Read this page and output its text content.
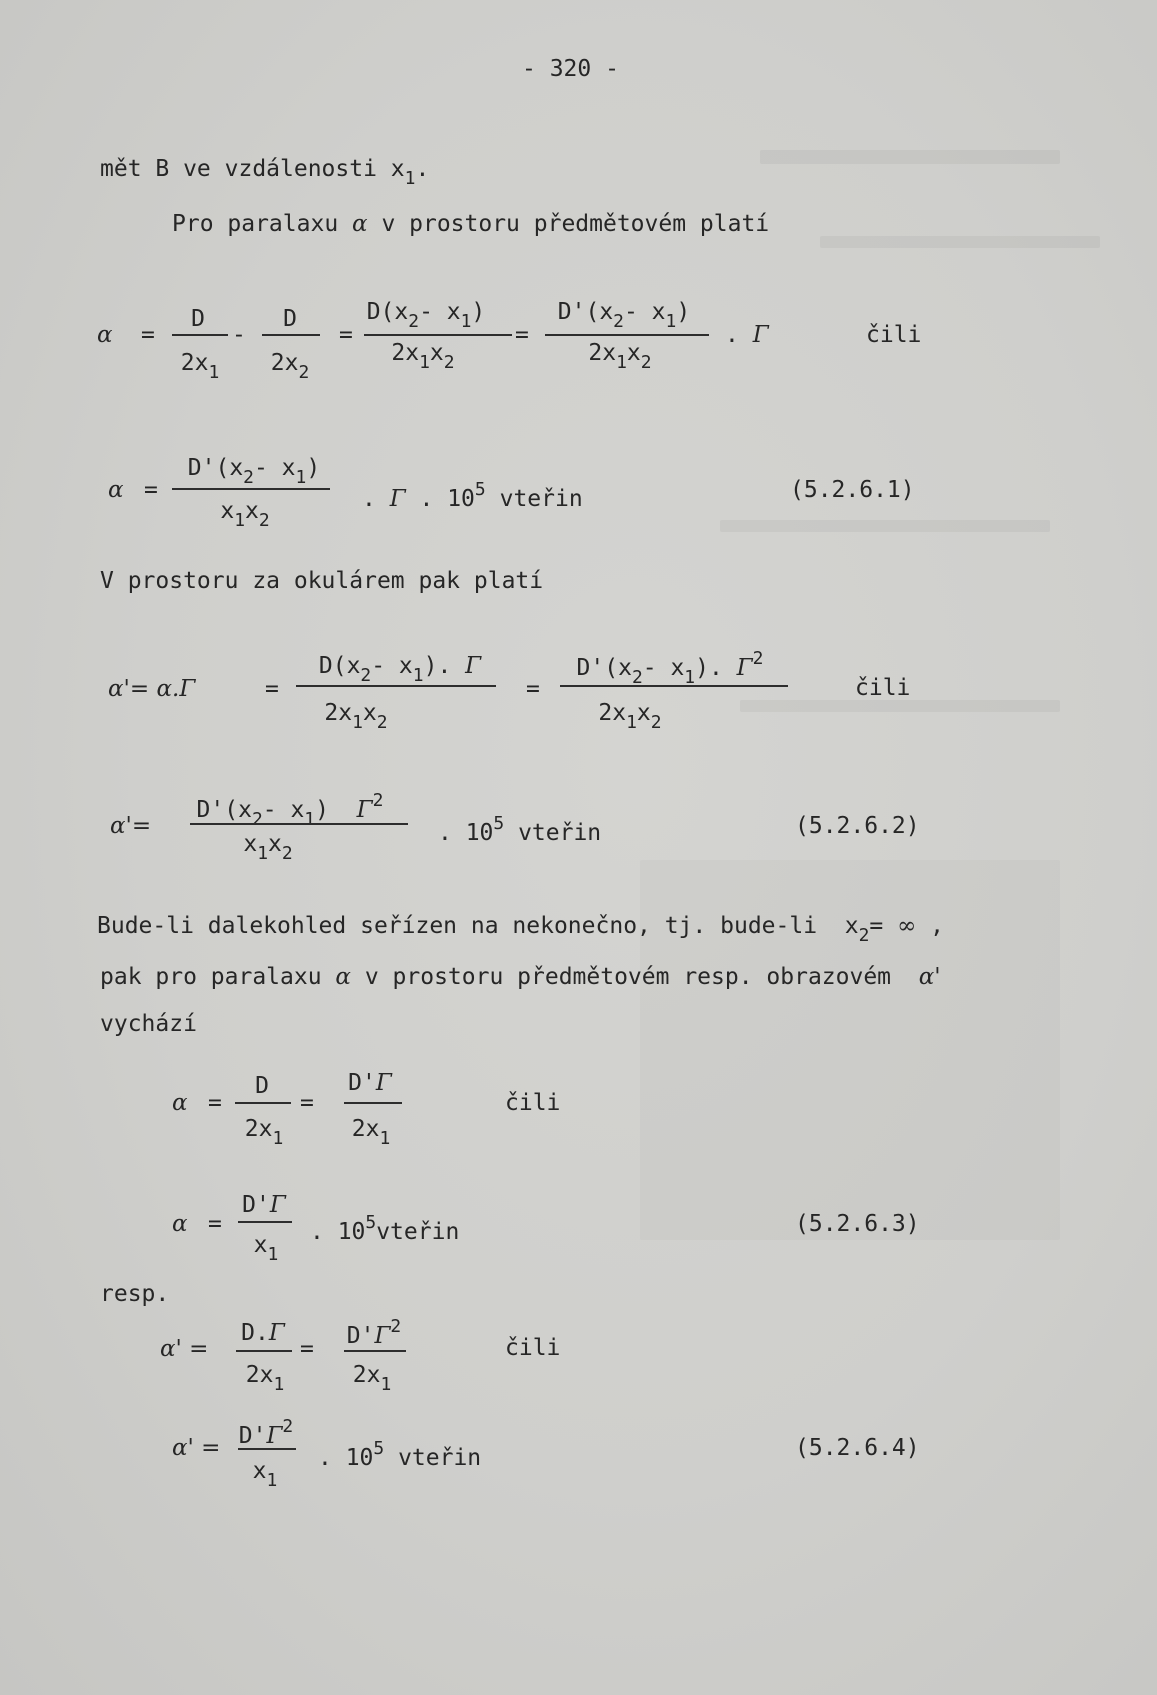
- 320 -
mět B ve vzdálenosti $x_1$.
Pro paralaxu α v prostoru předmětovém platí
α =
D
$2x_1$
-
D
$2x_2$
=
$D(x_2-$ $x_1$)
$2x_1x_2$
=
$D'(x_2-$ $x_1$)
$2x_1x_2$
. Γ	čili
α =
$D'(x_2-$ $x_1$)
$x_1x_2$
. Γ . $10^5$ vteřin	(5.2.6.1)
V prostoru za okulárem pak platí
α'= α.Γ	=
$D(x_2-$ $x_1$). Γ
$2x_1x_2$
=
$D'(x_2-$ $x_1$). $\Gamma^2$
$2x_1x_2$
čili
α'=
$D'(x_2-$ $x_1$)  $\Gamma^2$
$x_1x_2$
. $10^5$ vteřin	(5.2.6.2)
Bude-li dalekohled seřízen na nekonečno, tj. bude-li  $x_2=$ ∞ ,
pak pro paralaxu α v prostoru předmětovém resp. obrazovém α'
vychází
α =
D
$2x_1$
=
D'Γ
$2x_1$
čili
α =
D'Γ
$x_1$
. $10^5vteřin$	(5.2.6.3)
resp.
α' =
D.Γ
$2x_1$
=
$D'\Gamma^2$
$2x_1$
čili
$\alpha' = D'\Gamma^2$
$x_1$
. $10^5$ vteřin	(5.2.6.4)
